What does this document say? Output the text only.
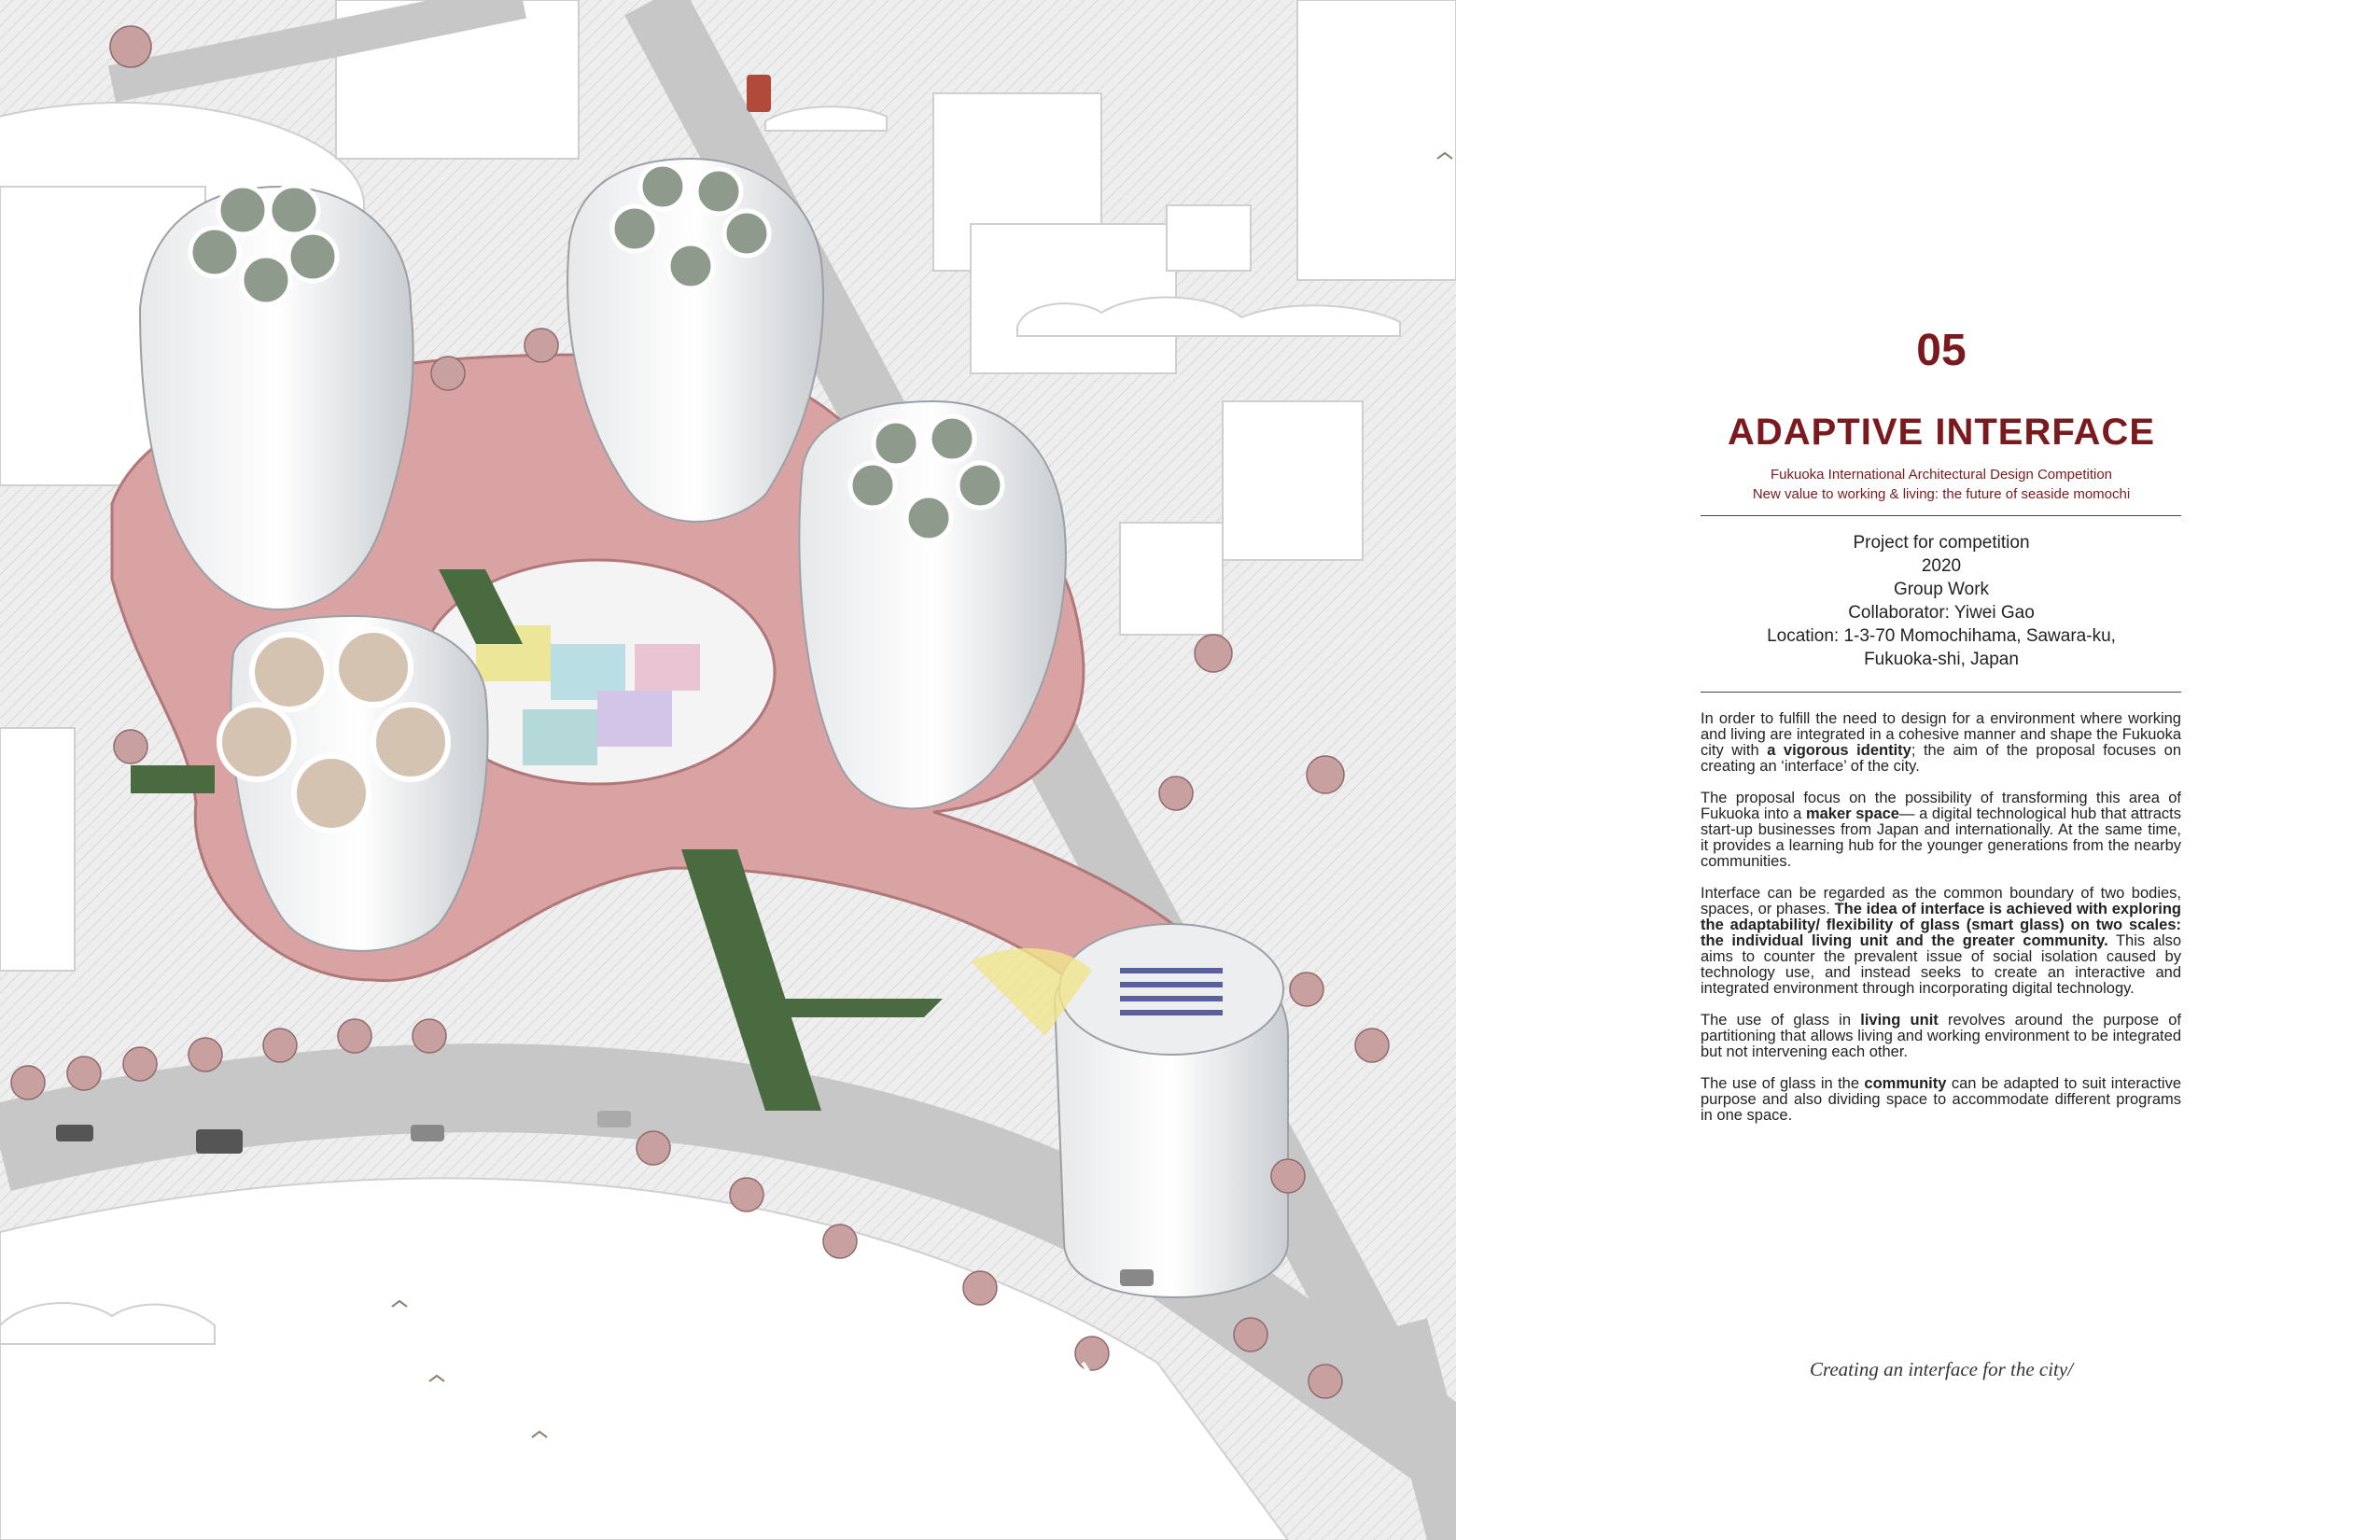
05
ADAPTIVE INTERFACE
Fukuoka International Architectural Design Competition
New value to working & living: the future of seaside momochi
Project for competition
2020
Group Work
Collaborator: Yiwei Gao
Location: 1-3-70 Momochihama, Sawara-ku,
Fukuoka-shi, Japan

In order to fulfill the need to design for a environment where working and living are integrated in a cohesive manner and shape the Fukuoka city with a vigorous identity; the aim of the proposal focuses on creating an ‘interface’ of the city.

The proposal focus on the possibility of transforming this area of Fukuoka into a maker space— a digital technological hub that attracts start-up businesses from Japan and internationally. At the same time, it provides a learning hub for the younger generations from the nearby communities.

Interface can be regarded as the common boundary of two bodies, spaces, or phases. The idea of interface is achieved with exploring the adaptability/ flexibility of glass (smart glass) on two scales: the individual living unit and the greater community. This also aims to counter the prevalent issue of social isolation caused by technology use, and instead seeks to create an interactive and integrated environment through incorporating digital technology.

The use of glass in living unit revolves around the purpose of partitioning that allows living and working environment to be integrated but not intervening each other.

The use of glass in the community can be adapted to suit interactive purpose and also dividing space to accommodate different programs in one space.

Creating an interface for the city/
